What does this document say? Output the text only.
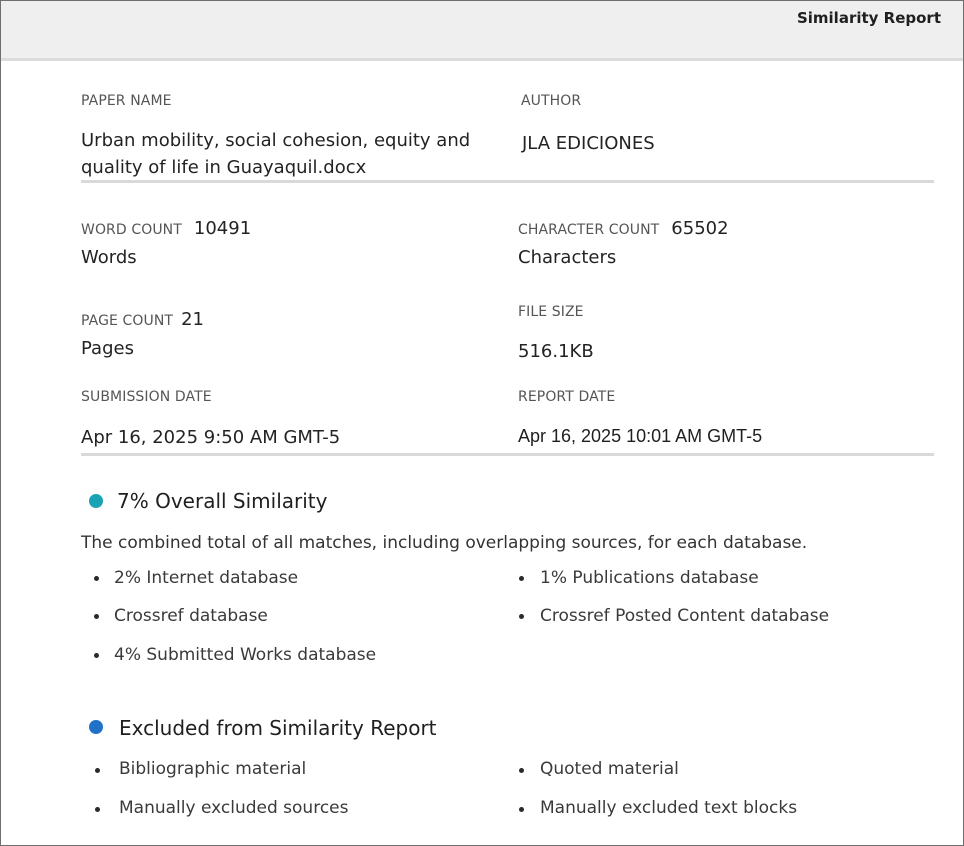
Similarity Report
PAPER NAME
Urban mobility, social cohesion, equity and
quality of life in Guayaquil.docx
AUTHOR
JLA EDICIONES
WORD COUNT 10491
Words
CHARACTER COUNT 65502
Characters
PAGE COUNT 21
Pages
FILE SIZE
516.1KB
SUBMISSION DATE
Apr 16, 2025 9:50 AM GMT-5
REPORT DATE
Apr 16, 2025 10:01 AM GMT-5
7% Overall Similarity
The combined total of all matches, including overlapping sources, for each database.
2% Internet database
Crossref database
4% Submitted Works database
1% Publications database
Crossref Posted Content database
Excluded from Similarity Report
Bibliographic material
Manually excluded sources
Quoted material
Manually excluded text blocks
